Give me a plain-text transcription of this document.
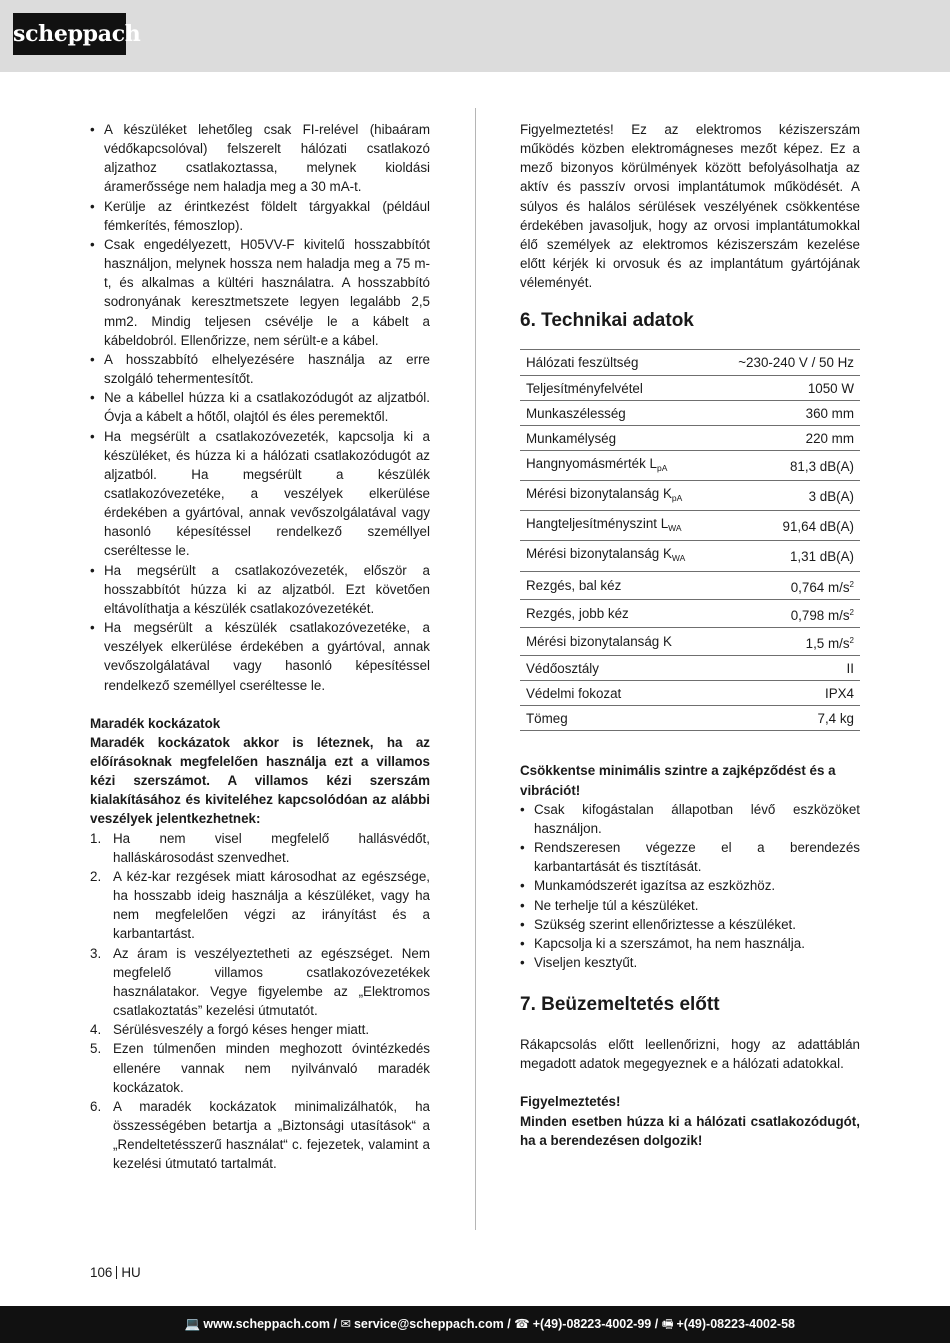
scheppach
• A készüléket lehetőleg csak FI-relével (hibaáram védőkapcsolóval) felszerelt hálózati csatlakozó aljzathoz csatlakoztassa, melynek kioldási áramerőssége nem haladja meg a 30 mA-t.
• Kerülje az érintkezést földelt tárgyakkal (például fémkerítés, fémoszlop).
• Csak engedélyezett, H05VV-F kivitelű hosszabbítót használjon, melynek hossza nem haladja meg a 75 m-t, és alkalmas a kültéri használatra. A hosszabbító sodronyának keresztmetszete legyen legalább 2,5 mm2. Mindig teljesen csévélje le a kábelt a kábeldobról. Ellenőrizze, nem sérült-e a kábel.
• A hosszabbító elhelyezésére használja az erre szolgáló tehermentesítőt.
• Ne a kábellel húzza ki a csatlakozódugót az aljzatból. Óvja a kábelt a hőtől, olajtól és éles peremektől.
• Ha megsérült a csatlakozóvezeték, kapcsolja ki a készüléket, és húzza ki a hálózati csatlakozódugót az aljzatból. Ha megsérült a készülék csatlakozóvezetéke, a veszélyek elkerülése érdekében a gyártóval, annak vevőszolgálatával vagy hasonló képesítéssel rendelkező személlyel cseréltesse le.
• Ha megsérült a csatlakozóvezeték, először a hosszabbítót húzza ki az aljzatból. Ezt követően eltávolíthatja a készülék csatlakozóvezetékét.
• Ha megsérült a készülék csatlakozóvezetéke, a veszélyek elkerülése érdekében a gyártóval, annak vevőszolgálatával vagy hasonló képesítéssel rendelkező személlyel cseréltesse le.
Maradék kockázatok
Maradék kockázatok akkor is léteznek, ha az előírásoknak megfelelően használja ezt a villamos kézi szerszámot. A villamos kézi szerszám kialakításához és kiviteléhez kapcsolódóan az alábbi veszélyek jelentkezhetnek:
1. Ha nem visel megfelelő hallásvédőt, halláskárosodást szenvedhet.
2. A kéz-kar rezgések miatt károsodhat az egészsége, ha hosszabb ideig használja a készüléket, vagy ha nem megfelelően végzi az irányítást és a karbantartást.
3. Az áram is veszélyeztetheti az egészséget. Nem megfelelő villamos csatlakozóvezetékek használatakor. Vegye figyelembe az „Elektromos csatlakoztatás” kezelési útmutatót.
4. Sérülésveszély a forgó késes henger miatt.
5. Ezen túlmenően minden meghozott óvintézkedés ellenére vannak nem nyilvánvaló maradék kockázatok.
6. A maradék kockázatok minimalizálhatók, ha összességében betartja a „Biztonsági utasítások“ a „Rendeltetésszerű használat“ c. fejezetek, valamint a kezelési útmutató tartalmát.
Figyelmeztetés! Ez az elektromos kéziszerszám működés közben elektromágneses mezőt képez. Ez a mező bizonyos körülmények között befolyásolhatja az aktív és passzív orvosi implantátumok működését. A súlyos és halálos sérülések veszélyének csökkentése érdekében javasoljuk, hogy az orvosi implantátumokkal élő személyek az elektromos kéziszerszám kezelése előtt kérjék ki orvosuk és az implantátum gyártójának véleményét.
6. Technikai adatok
Hálózati feszültség	~230-240 V / 50 Hz
Teljesítményfelvétel	1050 W
Munkaszélesség	360 mm
Munkamélység	220 mm
Hangnyomásmérték $L_{pA}$	81,3 dB(A)
Mérési bizonytalanság $K_{pA}$	3 dB(A)
Hangteljesítményszint $L_{WA}$	91,64 dB(A)
Mérési bizonytalanság $K_{WA}$	1,31 dB(A)
Rezgés, bal kéz	0,764 $m/s^2$
Rezgés, jobb kéz	0,798 $m/s^2$
Mérési bizonytalanság K	1,5 $m/s^2$
Védőosztály	II
Védelmi fokozat	IPX4
Tömeg	7,4 kg
Csökkentse minimális szintre a zajképződést és a vibrációt!
• Csak kifogástalan állapotban lévő eszközöket használjon.
• Rendszeresen végezze el a berendezés karbantartását és tisztítását.
• Munkamódszerét igazítsa az eszközhöz.
• Ne terhelje túl a készüléket.
• Szükség szerint ellenőriztesse a készüléket.
• Kapcsolja ki a szerszámot, ha nem használja.
• Viseljen kesztyűt.
7. Beüzemeltetés előtt
Rákapcsolás előtt leellenőrizni, hogy az adattáblán megadott adatok megegyeznek e a hálózati adatokkal.
Figyelmeztetés!
Minden esetben húzza ki a hálózati csatlakozódugót, ha a berendezésen dolgozik!
106 HU
💻 www.scheppach.com / ✉ service@scheppach.com / ☎ +(49)-08223-4002-99 / 🖷 +(49)-08223-4002-58
